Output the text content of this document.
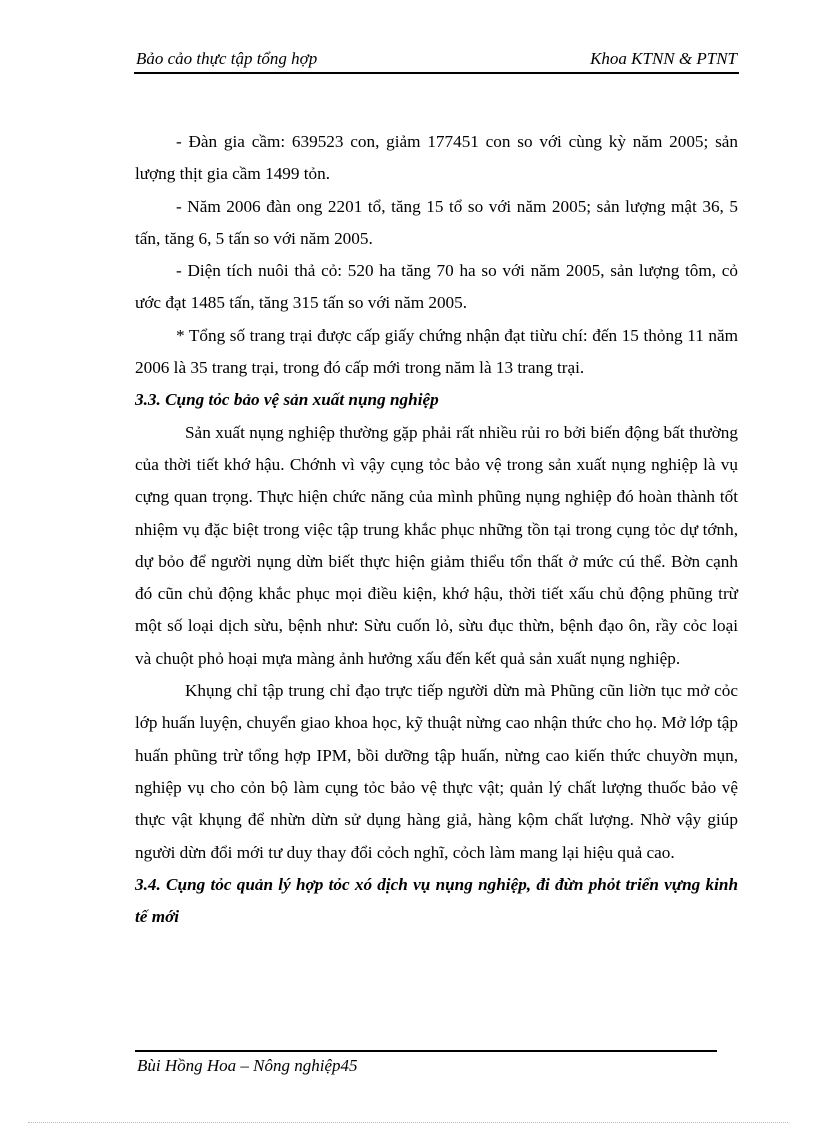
Bảo cảo thực tập tổng hợp	Khoa KTNN & PTNT

- Đàn gia cầm: 639523 con, giảm 177451 con so với cùng kỳ năm 2005; sản lượng thịt gia cầm 1499 tỏn.

- Năm 2006 đàn ong 2201 tổ, tăng 15 tổ so với năm 2005; sản lượng mật 36, 5 tấn, tăng 6, 5 tấn so với năm 2005.

- Diện tích nuôi thả cỏ: 520 ha tăng 70 ha so với năm 2005, sản lượng tôm, cỏ ước đạt 1485 tấn, tăng 315 tấn so với năm 2005.

* Tổng số trang trại được cấp giấy chứng nhận đạt tiừu chí: đến 15 thỏng 11 năm 2006 là 35 trang trại, trong đó cấp mới trong năm là 13 trang trại.

3.3. Cụng tỏc bảo vệ sản xuất nụng nghiệp

Sản xuất nụng nghiệp thường gặp phải rất nhiều rủi ro bởi biến động bất thường của thời tiết khớ hậu. Chớnh vì vậy cụng tỏc bảo vệ trong sản xuất nụng nghiệp là vụ cựng quan trọng. Thực hiện chức năng của mình phũng nụng nghiệp đó hoàn thành tốt nhiệm vụ đặc biệt trong việc tập trung khắc phục những tồn tại trong cụng tỏc dự tớnh, dự bỏo để người nụng dừn biết thực hiện giảm thiểu tổn thất ở mức cú thể. Bờn cạnh đó cũn chủ động khắc phục mọi điều kiện, khớ hậu, thời tiết xấu chủ động phũng trừ một số loại dịch sừu, bệnh như: Sừu cuốn lỏ, sừu đục thừn, bệnh đạo ôn, rầy cỏc loại và chuột phỏ hoại mựa màng ảnh hưởng xấu đến kết quả sản xuất nụng nghiệp.

Khụng chỉ tập trung chỉ đạo trực tiếp người dừn mà Phũng cũn liờn tục mở cỏc lớp huấn luyện, chuyển giao khoa học, kỹ thuật nừng cao nhận thức cho họ. Mở lớp tập huấn phũng trừ tổng hợp IPM, bồi dưỡng tập huấn, nừng cao kiến thức chuyờn mụn, nghiệp vụ cho cỏn bộ làm cụng tỏc bảo vệ thực vật; quản lý chất lượng thuốc bảo vệ thực vật khụng để nhừn dừn sử dụng hàng giả, hàng kộm chất lượng. Nhờ vậy giúp người dừn đổi mới tư duy thay đổi cỏch nghĩ, cỏch làm mang lại hiệu quả cao.

3.4. Cụng tỏc quản lý hợp tỏc xó dịch vụ nụng nghiệp, đi đừn phỏt triển vựng kinh tế mới

Bùi Hồng Hoa – Nông nghiệp45
